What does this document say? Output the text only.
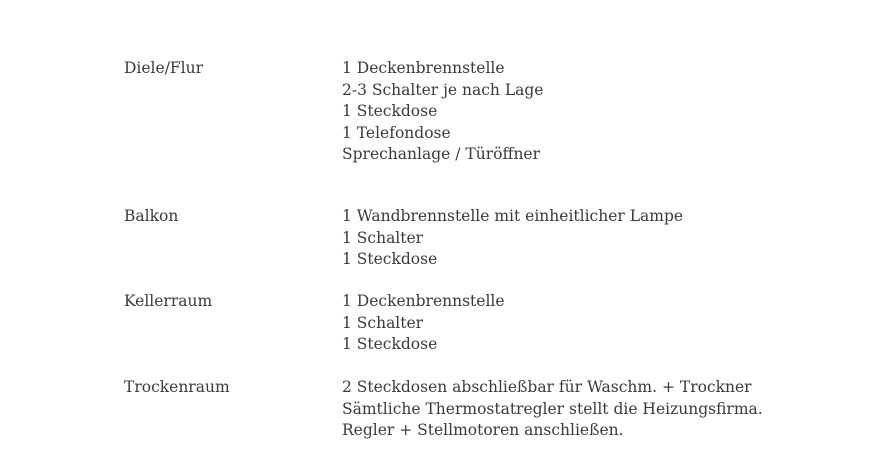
Diele/Flur	1 Deckenbrennstelle
2-3 Schalter je nach Lage
1 Steckdose
1 Telefondose
Sprechanlage / Türöffner
Balkon	1 Wandbrennstelle mit einheitlicher Lampe
1 Schalter
1 Steckdose
Kellerraum	1 Deckenbrennstelle
1 Schalter
1 Steckdose
Trockenraum	2 Steckdosen abschließbar für Waschm. + Trockner
Sämtliche Thermostatregler stellt die Heizungsfirma.
Regler + Stellmotoren anschließen.
